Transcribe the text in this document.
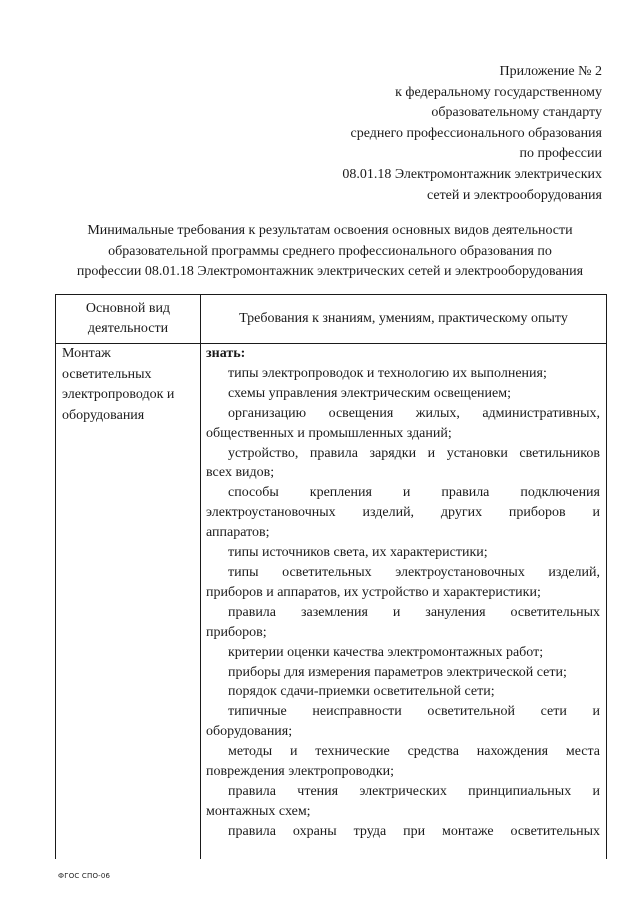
Приложение № 2
к федеральному государственному
образовательному стандарту
среднего профессионального образования
по профессии
08.01.18 Электромонтажник электрических
сетей и электрооборудования
Минимальные требования к результатам освоения основных видов деятельности
образовательной программы среднего профессионального образования по
профессии 08.01.18 Электромонтажник электрических сетей и электрооборудования
Основной вид
деятельности
Требования к знаниям, умениям, практическому опыту
Монтаж
осветительных
электропроводок и
оборудования
знать:
типы электропроводок и технологию их выполнения;
схемы управления электрическим освещением;
организацию освещения жилых, административных,
общественных и промышленных зданий;
устройство, правила зарядки и установки светильников
всех видов;
способы крепления и правила подключения
электроустановочных изделий, других приборов и
аппаратов;
типы источников света, их характеристики;
типы осветительных электроустановочных изделий,
приборов и аппаратов, их устройство и характеристики;
правила заземления и зануления осветительных
приборов;
критерии оценки качества электромонтажных работ;
приборы для измерения параметров электрической сети;
порядок сдачи-приемки осветительной сети;
типичные неисправности осветительной сети и
оборудования;
методы и технические средства нахождения места
повреждения электропроводки;
правила чтения электрических принципиальных и
монтажных схем;
правила охраны труда при монтаже осветительных
ФГОС СПО-06
